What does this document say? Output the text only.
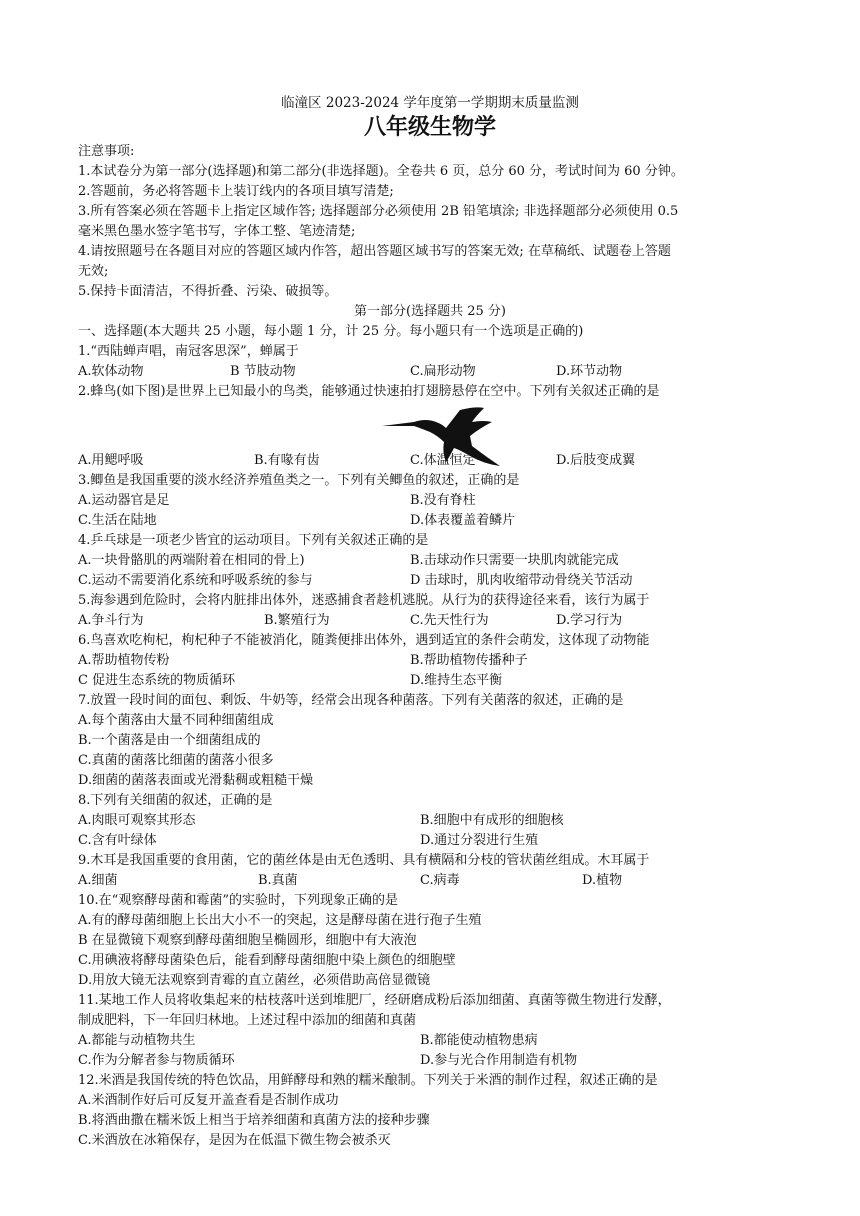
临潼区 2023-2024 学年度第一学期期末质量监测
八年级生物学
注意事项:
1.本试卷分为第一部分(选择题)和第二部分(非选择题)。全卷共 6 页，总分 60 分，考试时间为 60 分钟。
2.答题前，务必将答题卡上装订线内的各项目填写清楚;
3.所有答案必须在答题卡上指定区域作答; 选择题部分必须使用 2B 铅笔填涂; 非选择题部分必须使用 0.5
毫米黑色墨水签字笔书写，字体工整、笔迹清楚;
4.请按照题号在各题目对应的答题区域内作答，超出答题区域书写的答案无效; 在草稿纸、试题卷上答题
无效;
5.保持卡面清洁，不得折叠、污染、破损等。
第一部分(选择题共 25 分)
一、选择题(本大题共 25 小题，每小题 1 分，计 25 分。每小题只有一个选项是正确的)
1.“西陆蝉声唱，南冠客思深”，蝉属于
A.软体动物	B 节肢动物	C.扁形动物	D.环节动物
2.蜂鸟(如下图)是世界上已知最小的鸟类，能够通过快速拍打翅膀悬停在空中。下列有关叙述正确的是
A.用鳃呼吸	B.有喙有齿	C.体温恒定	D.后肢变成翼
3.鲫鱼是我国重要的淡水经济养殖鱼类之一。下列有关鲫鱼的叙述，正确的是
A.运动器官是足	B.没有脊柱
C.生活在陆地	D.体表覆盖着鳞片
4.乒乓球是一项老少皆宜的运动项目。下列有关叙述正确的是
A.一块骨骼肌的两端附着在相同的骨上)	B.击球动作只需要一块肌肉就能完成
C.运动不需要消化系统和呼吸系统的参与	D 击球时，肌肉收缩带动骨绕关节活动
5.海参遇到危险时，会将内脏排出体外，迷惑捕食者趁机逃脱。从行为的获得途径来看，该行为属于
A.争斗行为	B.繁殖行为	C.先天性行为	D.学习行为
6.鸟喜欢吃枸杞，枸杞种子不能被消化，随粪便排出体外，遇到适宜的条件会萌发，这体现了动物能
A.帮助植物传粉	B.帮助植物传播种子
C 促进生态系统的物质循环	D.维持生态平衡
7.放置一段时间的面包、剩饭、牛奶等，经常会出现各种菌落。下列有关菌落的叙述，正确的是
A.每个菌落由大量不同种细菌组成
B.一个菌落是由一个细菌组成的
C.真菌的菌落比细菌的菌落小很多
D.细菌的菌落表面或光滑黏稠或粗糙干燥
8.下列有关细菌的叙述，正确的是
A.肉眼可观察其形态	B.细胞中有成形的细胞核
C.含有叶绿体	D.通过分裂进行生殖
9.木耳是我国重要的食用菌，它的菌丝体是由无色透明、具有横隔和分枝的管状菌丝组成。木耳属于
A.细菌	B.真菌	C.病毒	D.植物
10.在“观察酵母菌和霉菌”的实验时，下列现象正确的是
A.有的酵母菌细胞上长出大小不一的突起，这是酵母菌在进行孢子生殖
B 在显微镜下观察到酵母菌细胞呈椭圆形，细胞中有大液泡
C.用碘液将酵母菌染色后，能看到酵母菌细胞中染上颜色的细胞壁
D.用放大镜无法观察到青霉的直立菌丝，必须借助高倍显微镜
11.某地工作人员将收集起来的枯枝落叶送到堆肥厂，经研磨成粉后添加细菌、真菌等微生物进行发酵，
制成肥料，下一年回归林地。上述过程中添加的细菌和真菌
A.都能与动植物共生	B.都能使动植物患病
C.作为分解者参与物质循环	D.参与光合作用制造有机物
12.米酒是我国传统的特色饮品，用鲜酵母和熟的糯米酿制。下列关于米酒的制作过程，叙述正确的是
A.米酒制作好后可反复开盖查看是否制作成功
B.将酒曲撒在糯米饭上相当于培养细菌和真菌方法的接种步骤
C.米酒放在冰箱保存，是因为在低温下微生物会被杀灭
